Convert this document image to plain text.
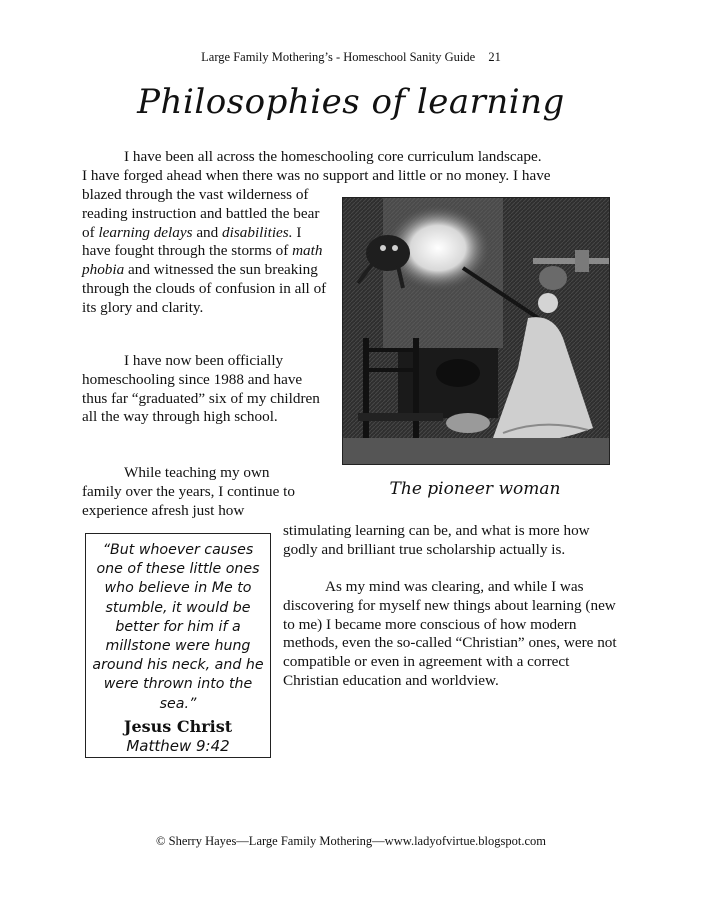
Large Family Mothering’s - Homeschool Sanity Guide 21
Philosophies of learning

I have been all across the homeschooling core curriculum landscape.
I have forged ahead when there was no support and little or no money. I have

blazed through the vast wilderness of reading instruction and battled the bear of learning delays and disabilities. I have fought through the storms of math phobia and witnessed the sun breaking through the clouds of confusion in all of its glory and clarity.

I have now been officially homeschooling since 1988 and have thus far “graduated” six of my children all the way through high school.

While teaching my own family over the years, I continue to experience afresh just how

stimulating learning can be, and what is more how godly and brilliant true scholarship actually is.

As my mind was clearing, and while I was discovering for myself new things about learning (new to me) I became more conscious of how modern methods, even the so-called “Christian” ones, were not compatible or even in agreement with a correct Christian education and worldview.

The pioneer woman
“But whoever causes one of these little ones who believe in Me to stumble, it would be better for him if a millstone were hung around his neck, and he were thrown into the sea.”
Jesus Christ
Matthew 9:42
© Sherry Hayes—Large Family Mothering—www.ladyofvirtue.blogspot.com
